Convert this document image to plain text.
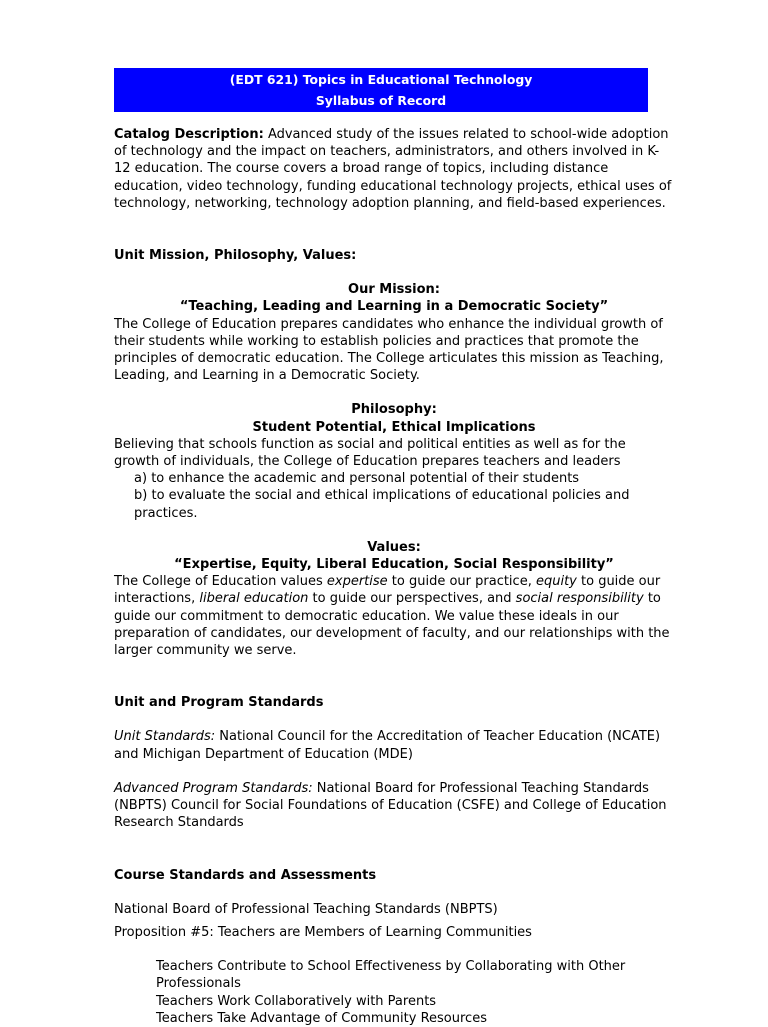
(EDT 621) Topics in Educational Technology
Syllabus of Record

Catalog Description: Advanced study of the issues related to school-wide adoption of technology and the impact on teachers, administrators, and others involved in K-12 education. The course covers a broad range of topics, including distance education, video technology, funding educational technology projects, ethical uses of technology, networking, technology adoption planning, and field-based experiences.

Unit Mission, Philosophy, Values:

Our Mission:

“Teaching, Leading and Learning in a Democratic Society”

The College of Education prepares candidates who enhance the individual growth of their students while working to establish policies and practices that promote the principles of democratic education. The College articulates this mission as Teaching, Leading, and Learning in a Democratic Society.

Philosophy:

Student Potential, Ethical Implications

Believing that schools function as social and political entities as well as for the growth of individuals, the College of Education prepares teachers and leaders

a) to enhance the academic and personal potential of their students

b) to evaluate the social and ethical implications of educational policies and practices.

Values:

“Expertise, Equity, Liberal Education, Social Responsibility”

The College of Education values expertise to guide our practice, equity to guide our interactions, liberal education to guide our perspectives, and social responsibility to guide our commitment to democratic education. We value these ideals in our preparation of candidates, our development of faculty, and our relationships with the larger community we serve.

Unit and Program Standards

Unit Standards: National Council for the Accreditation of Teacher Education (NCATE) and Michigan Department of Education (MDE)

Advanced Program Standards: National Board for Professional Teaching Standards (NBPTS) Council for Social Foundations of Education (CSFE) and College of Education Research Standards

Course Standards and Assessments

National Board of Professional Teaching Standards (NBPTS)

Proposition #5: Teachers are Members of Learning Communities

Teachers Contribute to School Effectiveness by Collaborating with Other Professionals

Teachers Work Collaboratively with Parents

Teachers Take Advantage of Community Resources
